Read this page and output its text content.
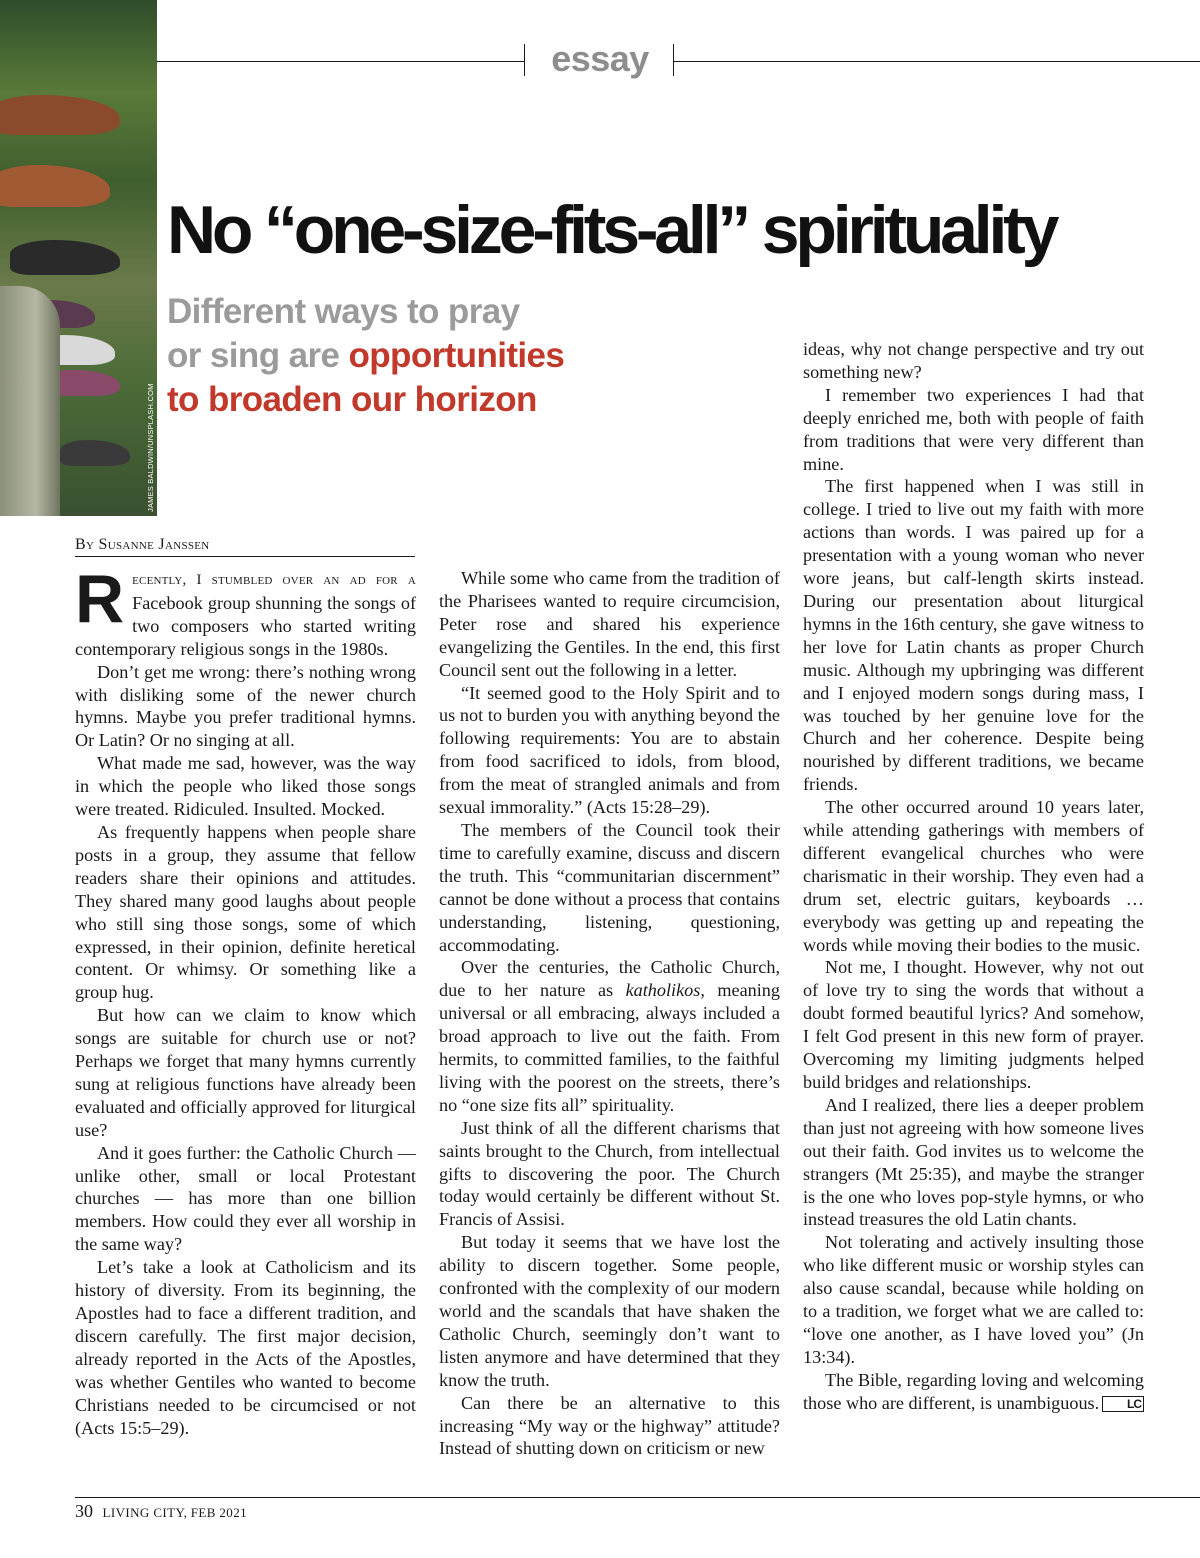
JAMES BALDWIN/UNSPLASH.COM
essay
No “one-size-fits-all” spirituality
Different ways to pray
or sing are opportunities
to broaden our horizon
By Susanne Janssen

Recently, I stumbled over an ad for a Facebook group shunning the songs of two composers who started writing contemporary religious songs in the 1980s.

Don’t get me wrong: there’s nothing wrong with disliking some of the newer church hymns. Maybe you prefer traditional hymns. Or Latin? Or no singing at all.

What made me sad, however, was the way in which the people who liked those songs were treated. Ridiculed. Insulted. Mocked.

As frequently happens when people share posts in a group, they assume that fellow readers share their opinions and attitudes. They shared many good laughs about people who still sing those songs, some of which expressed, in their opinion, definite heretical content. Or whimsy. Or something like a group hug.

But how can we claim to know which songs are suitable for church use or not? Perhaps we forget that many hymns currently sung at religious functions have already been evaluated and officially approved for liturgical use?

And it goes further: the Catholic Church — unlike other, small or local Protestant churches — has more than one billion members. How could they ever all worship in the same way?

Let’s take a look at Catholicism and its history of diversity. From its beginning, the Apostles had to face a different tradition, and discern carefully. The first major decision, already reported in the Acts of the Apostles, was whether Gentiles who wanted to become Christians needed to be circumcised or not (Acts 15:5–29).

While some who came from the tradition of the Pharisees wanted to require circumcision, Peter rose and shared his experience evangelizing the Gentiles. In the end, this first Council sent out the following in a letter.

“It seemed good to the Holy Spirit and to us not to burden you with anything beyond the following requirements: You are to abstain from food sacrificed to idols, from blood, from the meat of strangled animals and from sexual immorality.” (Acts 15:28–29).

The members of the Council took their time to carefully examine, discuss and discern the truth. This “communitarian discernment” cannot be done without a process that contains understanding, listening, questioning, accommodating.

Over the centuries, the Catholic Church, due to her nature as katholikos, meaning universal or all embracing, always included a broad approach to live out the faith. From hermits, to committed families, to the faithful living with the poorest on the streets, there’s no “one size fits all” spirituality.

Just think of all the different charisms that saints brought to the Church, from intellectual gifts to discovering the poor. The Church today would certainly be different without St. Francis of Assisi.

But today it seems that we have lost the ability to discern together. Some people, confronted with the complexity of our modern world and the scandals that have shaken the Catholic Church, seemingly don’t want to listen anymore and have determined that they know the truth.

Can there be an alternative to this increasing “My way or the highway” attitude? Instead of shutting down on criticism or new

ideas, why not change perspective and try out something new?

I remember two experiences I had that deeply enriched me, both with people of faith from traditions that were very different than mine.

The first happened when I was still in college. I tried to live out my faith with more actions than words. I was paired up for a presentation with a young woman who never wore jeans, but calf-length skirts instead. During our presentation about liturgical hymns in the 16th century, she gave witness to her love for Latin chants as proper Church music. Although my upbringing was different and I enjoyed modern songs during mass, I was touched by her genuine love for the Church and her coherence. Despite being nourished by different traditions, we became friends.

The other occurred around 10 years later, while attending gatherings with members of different evangelical churches who were charismatic in their worship. They even had a drum set, electric guitars, keyboards … everybody was getting up and repeating the words while moving their bodies to the music.

Not me, I thought. However, why not out of love try to sing the words that without a doubt formed beautiful lyrics? And somehow, I felt God present in this new form of prayer. Overcoming my limiting judgments helped build bridges and relationships.

And I realized, there lies a deeper problem than just not agreeing with how someone lives out their faith. God invites us to welcome the strangers (Mt 25:35), and maybe the stranger is the one who loves pop-style hymns, or who instead treasures the old Latin chants.

Not tolerating and actively insulting those who like different music or worship styles can also cause scandal, because while holding on to a tradition, we forget what we are called to: “love one another, as I have loved you” (Jn 13:34).

The Bible, regarding loving and welcoming those who are different, is unambiguous.	LC

30 LIVING CITY, FEB 2021
